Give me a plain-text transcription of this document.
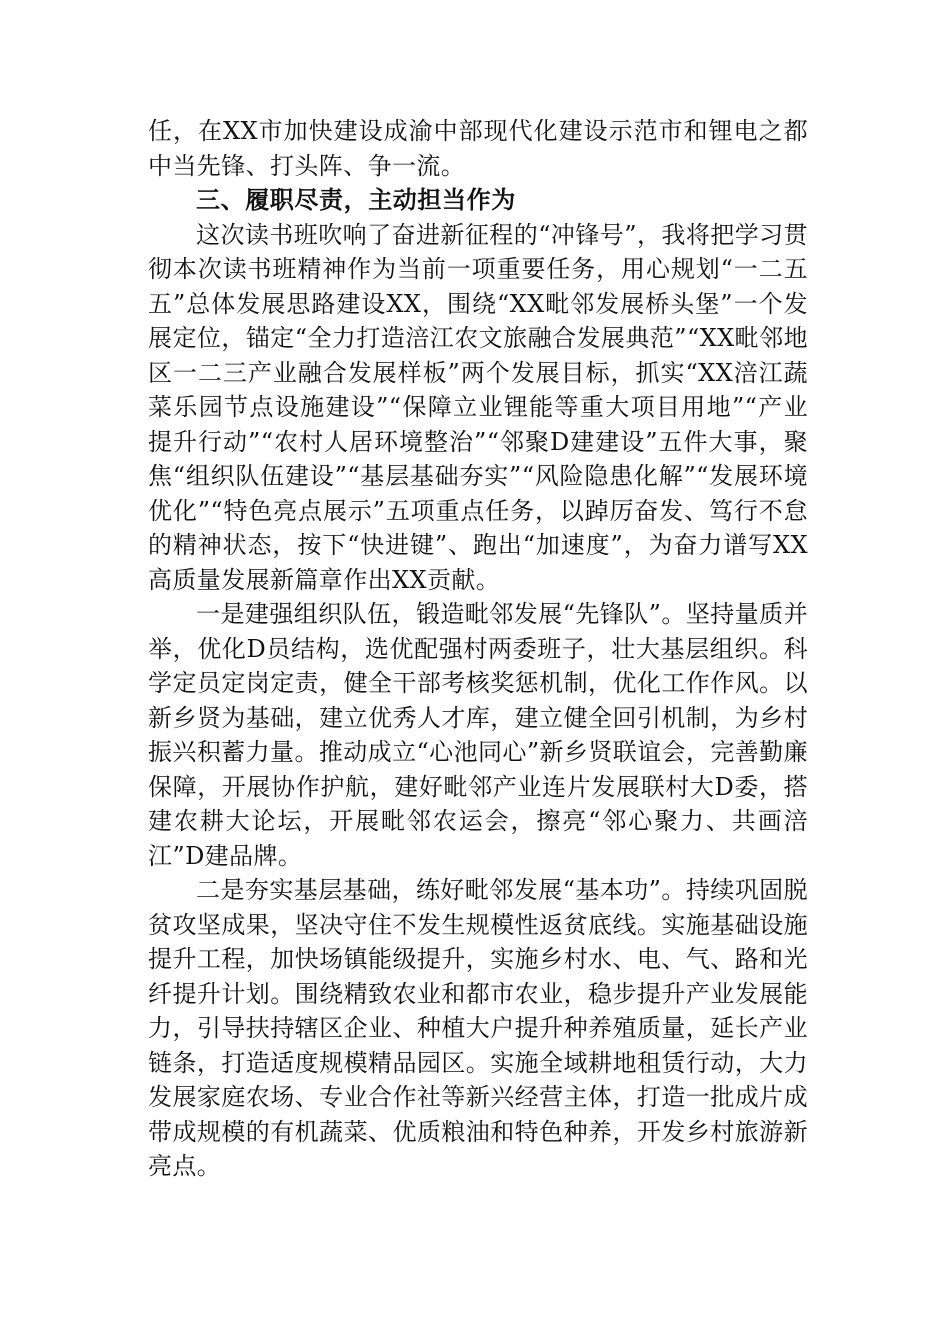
任，在XX市加快建设成渝中部现代化建设示范市和锂电之都中当先锋、打头阵、争一流。

三、履职尽责，主动担当作为

这次读书班吹响了奋进新征程的“冲锋号”，我将把学习贯彻本次读书班精神作为当前一项重要任务，用心规划“一二五五”总体发展思路建设XX，围绕“XX毗邻发展桥头堡”一个发展定位，锚定“全力打造涪江农文旅融合发展典范”“XX毗邻地区一二三产业融合发展样板”两个发展目标，抓实“XX涪江蔬菜乐园节点设施建设”“保障立业锂能等重大项目用地”“产业提升行动”“农村人居环境整治”“邻聚D建建设”五件大事，聚焦“组织队伍建设”“基层基础夯实”“风险隐患化解”“发展环境优化”“特色亮点展示”五项重点任务，以踔厉奋发、笃行不怠的精神状态，按下“快进键”、跑出“加速度”，为奋力谱写XX高质量发展新篇章作出XX贡献。

一是建强组织队伍，锻造毗邻发展“先锋队”。坚持量质并举，优化D员结构，选优配强村两委班子，壮大基层组织。科学定员定岗定责，健全干部考核奖惩机制，优化工作作风。以新乡贤为基础，建立优秀人才库，建立健全回引机制，为乡村振兴积蓄力量。推动成立“心池同心”新乡贤联谊会，完善勤廉保障，开展协作护航，建好毗邻产业连片发展联村大D委，搭建农耕大论坛，开展毗邻农运会，擦亮“邻心聚力、共画涪江”D建品牌。

二是夯实基层基础，练好毗邻发展“基本功”。持续巩固脱贫攻坚成果，坚决守住不发生规模性返贫底线。实施基础设施提升工程，加快场镇能级提升，实施乡村水、电、气、路和光纤提升计划。围绕精致农业和都市农业，稳步提升产业发展能力，引导扶持辖区企业、种植大户提升种养殖质量，延长产业链条，打造适度规模精品园区。实施全域耕地租赁行动，大力发展家庭农场、专业合作社等新兴经营主体，打造一批成片成带成规模的有机蔬菜、优质粮油和特色种养，开发乡村旅游新亮点。
